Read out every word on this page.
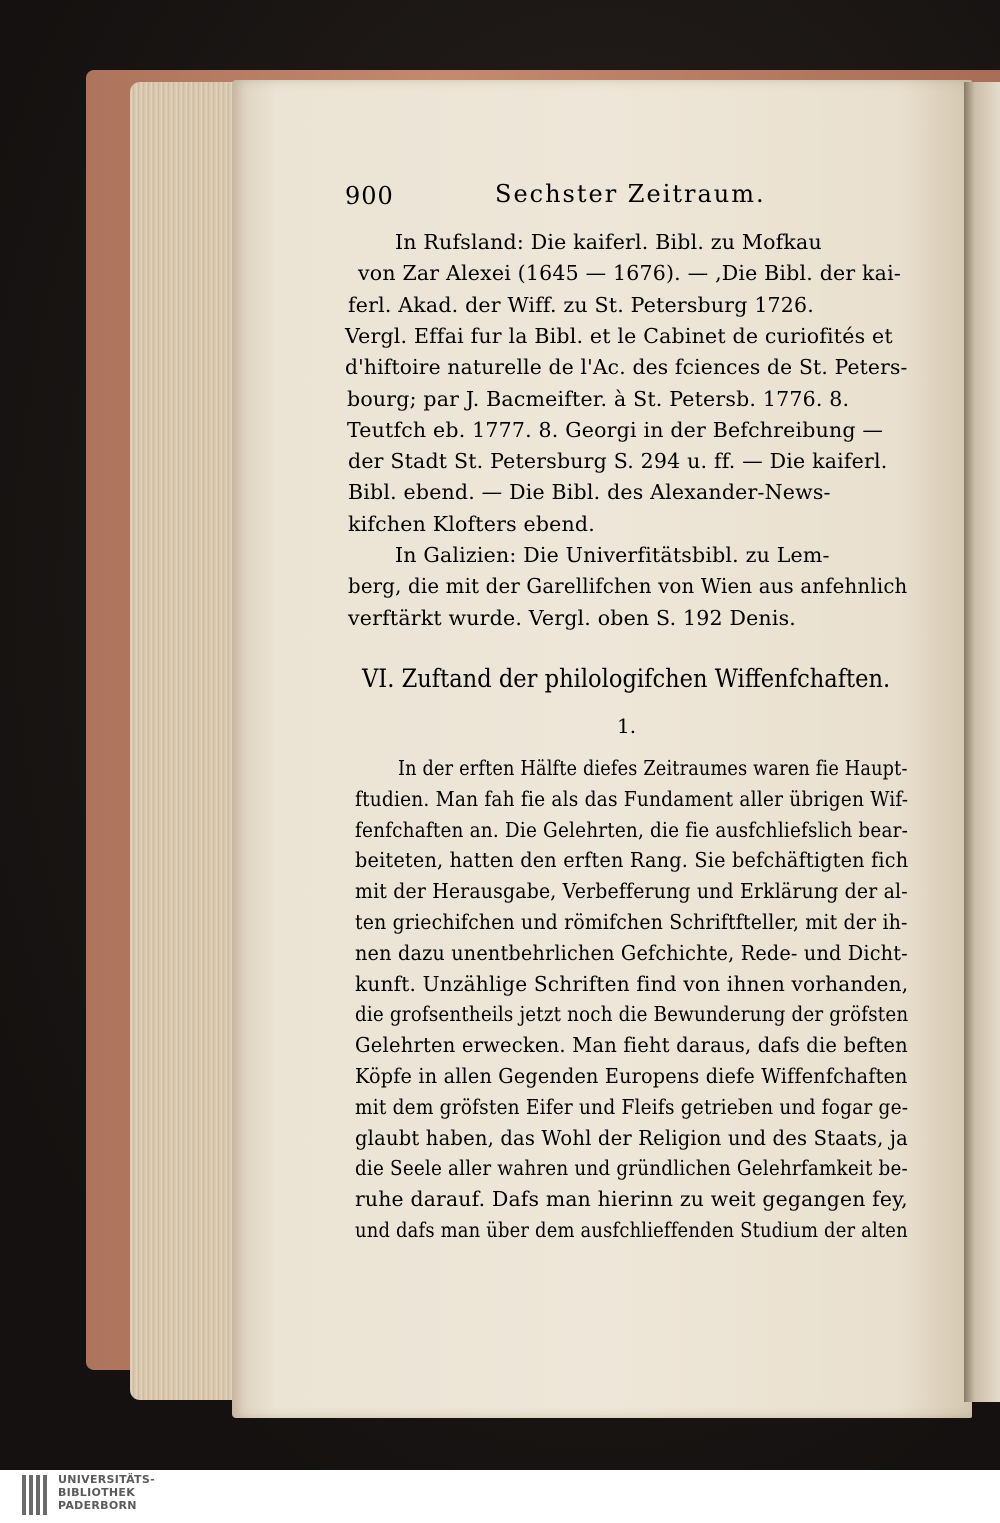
900	Sechster Zeitraum.
In Rufsland: Die kaiferl. Bibl. zu Mofkau
von Zar Alexei (1645 — 1676). — ‚Die Bibl. der kai-
ferl. Akad. der Wiff. zu St. Petersburg 1726.
Vergl. Effai fur la Bibl. et le Cabinet de curiofités et
d'hiftoire naturelle de l'Ac. des fciences de St. Peters-
bourg; par J. Bacmeifter. à St. Petersb. 1776. 8.
Teutfch eb. 1777. 8. Georgi in der Befchreibung —
der Stadt St. Petersburg S. 294 u. ff. — Die kaiferl.
Bibl. ebend. — Die Bibl. des Alexander-News-
kifchen Klofters ebend.
In Galizien: Die Univerfitätsbibl. zu Lem-
berg, die mit der Garellifchen von Wien aus anfehnlich
verftärkt wurde. Vergl. oben S. 192 Denis.
VI. Zuftand der philologifchen Wiffenfchaften.
1.
In der erften Hälfte diefes Zeitraumes waren fie Haupt-
ftudien. Man fah fie als das Fundament aller übrigen Wif-
fenfchaften an. Die Gelehrten, die fie ausfchliefslich bear-
beiteten, hatten den erften Rang. Sie befchäftigten fich
mit der Herausgabe, Verbefferung und Erklärung der al-
ten griechifchen und römifchen Schriftfteller, mit der ih-
nen dazu unentbehrlichen Gefchichte, Rede- und Dicht-
kunft. Unzählige Schriften find von ihnen vorhanden,
die grofsentheils jetzt noch die Bewunderung der gröfsten
Gelehrten erwecken. Man fieht daraus, dafs die beften
Köpfe in allen Gegenden Europens diefe Wiffenfchaften
mit dem gröfsten Eifer und Fleifs getrieben und fogar ge-
glaubt haben, das Wohl der Religion und des Staats, ja
die Seele aller wahren und gründlichen Gelehrfamkeit be-
ruhe darauf. Dafs man hierinn zu weit gegangen fey,
und dafs man über dem ausfchlieffenden Studium der alten
UNIVERSITÄTS-
BIBLIOTHEK
PADERBORN
